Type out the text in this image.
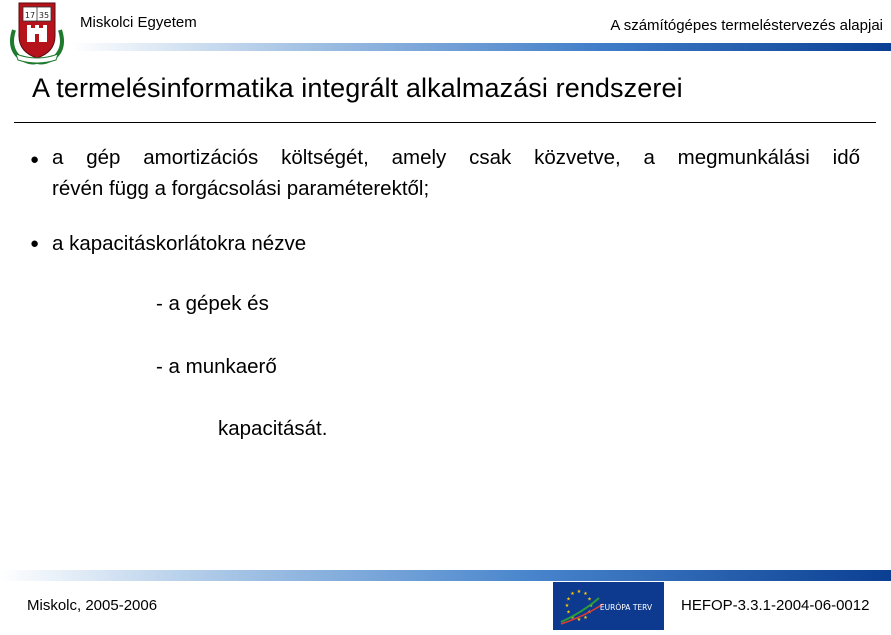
17 35 Miskolci Egyetem	A számítógépes termeléstervezés alapjai
A termelésinformatika integrált alkalmazási rendszerei
● a gép amortizációs költségét, amely csak közvetve, a megmunkálási idő
révén függ a forgácsolási paraméterektől;
● a kapacitáskorlátokra nézve
- a gépek és
- a munkaerő
kapacitását.
Miskolc, 2005-2006
★ ★
★
★
★
★
★
★
★
★
★
★
EURÓPA TERV HEFOP-3.3.1-2004-06-0012
